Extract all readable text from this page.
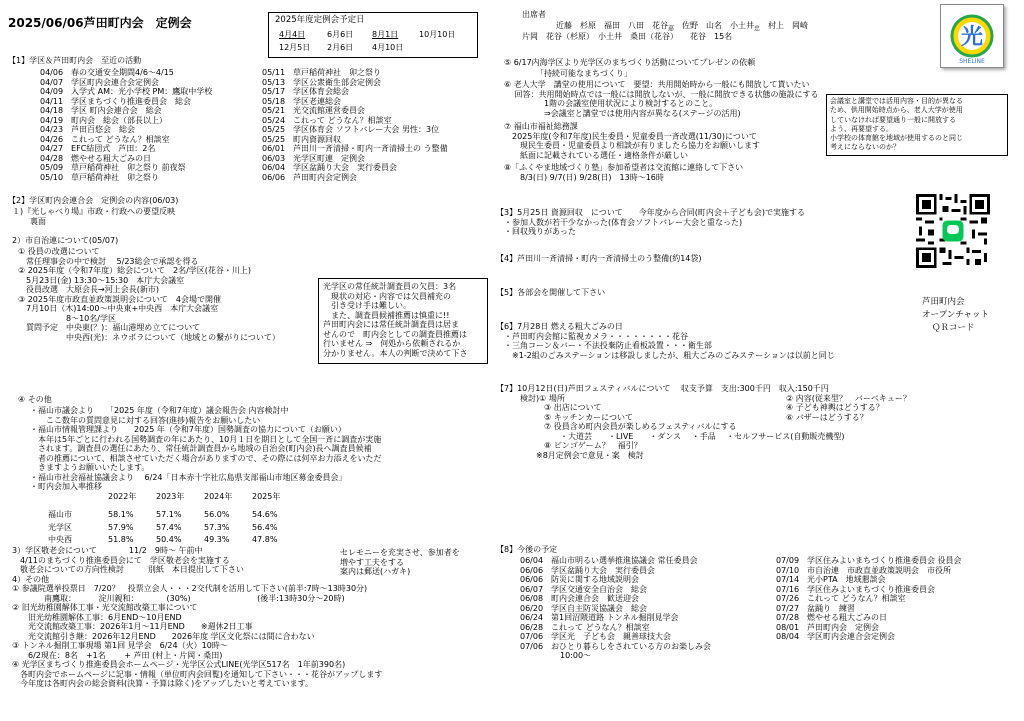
2025/06/06芦田町内会　定例会	2025年度定例会予定日
4月4日	6月6日 8月1日	10月10日
12月5日 2月6日 4月10日
出席者
近藤　杉原　福田　八田　花谷$_嘉$　 佐野　山名　小土井$_忠$　 村上　岡崎
片岡　花谷（杉原）　 小土井　桑田（花谷）　　 花谷　15名	光
SHELINE
【1】学区＆芦田町内会　至近の活動
04/06　春の交通安全期間4/6～4/15
04/07　学区町内会連合会定例会
04/09　入学式 AM：光小学校 PM：鷹取中学校
04/11　学区まちづくり推進委員会　総会
04/18　学区 町内会連合会　総会
04/19　町内会　総会（部長以上）
04/23　芦田百悠会　総会
04/26　これって どうなん？相談室
04/27　EFC結団式　芦田：2名
04/28　燃やせる粗大ごみの日
05/09　草戸稲荷神社　卯之祭り 前夜祭
05/10　草戸稲荷神社　卯之祭り
05/11　草戸稲荷神社　卯之祭り
05/13　学区公衆衛生部会定例会
05/17　学区体育会総会
05/18　学区老連総会
05/21　光交流館運営委員会
05/24　これって どうなん？相談室
05/25　学区体育会 ソフトバレー大会 男性：3位
05/25　町内資源回収
06/01　芦田川一斉清掃・町内一斉清掃土の う整備
06/03　光学区町連　定例会
06/04　学区盆踊り大会　実行委員会
06/06　芦田町内会定例会
【2】学区町内会連合会　定例会の内容(06/03)
１)『光しゃべり場』市政・行政への要望反映
裏面
2）市自治連について(05/07)
① 役員の改選について
　常任理事会の中で検討　 5/23総会で承認を得る
② 2025年度（令和7年度）総会について　2名/学区(花谷・川上)
　5月23日(金) 13:30～15:30　本庁大会議室
　役員改選　大原会長→河上会長(新市)
③ 2025年度市政直並政策説明会について　4会場で開催
　7月10日（木)14:00～中央東+中央西　本庁大会議室
　　　　　　8～10名/学区
　質問予定　中央東(？)：福山港埋め立てについて
　　　　　　中央西(光)：ネウボラについて（地域との繋がりについて）
④ その他
・福山市議会より　　「2025 年度（令和7年度）議会報告会 内容検討中
　　ここ数年の質問意見に対する回答(進捗)報告をお願いしたい
・福山市情報管理課より　　2025 年（令和7年度）国勢調査の協力について（お願い）
　本年は5年ごとに行われる国勢調査の年にあたり、10月１日を期日として全国一斉に調査が実施
　されます。調査員の選任にあたり、常任統計調査員から地域の自治会(町内会)長へ調査員候補
　者の推薦について、相談させていただく場合がありますので、その際には何卒お力添えをいただ
　きますようお願いいたします。
・福山市社会福祉協議会より　 6/24「日本赤十字社広島県支部福山市地区募金委員会」
・町内会加入率推移
2022年	2023年	2024年	2025年
福山市	58.1%	57.1%	56.0%	54.6%
光学区	57.9%	57.4%	57.3%	56.4%
中央西	51.8%	50.4%	49.3%	47.8%
3）学区敬老会について　　　　11/2　9時～ 午前中
　4/11のまちづくり推進委員会にて　学区敬老会を実施する
　敬老会についての方向性検討　　　別紙　本日提出して下さい
4）その他
① 参議院選挙投票日　7/20？　投票立会人・・・2交代制を活用して下さい(前半:7時～13時30分)
　　　　南鷹取：　　　 淀川親和：　　　　(30%)　　　　　　　　 (後半:13時30分～20時)
② 旧光幼稚園解体工事・光交流館改築工事について
　　旧光幼稚園解体工事：6月END～10月END
　　光交流館改築工事：2026年1月～11月END　　※週休2日工事
　　光交流館引き継：2026年12月END　　2026年度 学区文化祭には間に合わない
③ トンネル掘削工事現場 第1回 見学会　6/24（火）10時～
　　6/2現在：8名　+1名　　 + 芦田 (村上・片岡・桑田)
④ 光学区まちづくり推進委員会ホームページ・光学区公式LINE(光学区517名　1年前390名)
　各町内会でホームページに記事・情報（単位町内会回覧)を通知して下さい・・・花谷がアップします
　今年度は各町内会の総会資料(決算・予算は除く)をアップしたいと考えています。
セレモニーを充実させ、参加者を
増やす工夫をする
案内は郵送(ハガキ)
光学区の常任統計調査員の欠員：3名
　現状の対応・内容では欠員補充の
　引き受け手は難しい。
　また、調査員候補推薦は慎重に!!
芦田町内会には常任統計調査員は居ま
せんので　町内会としての調査員推薦は
行いません ⇒　何処から依頼されるか
分かりません。本人の判断で決めて下さ
⑤ 6/17内海学区より光学区のまちづくり活動についてプレゼンの依頼
「持続可能なまちづくり」
⑥ 老人大学　講堂の使用について　要望：共用開始時から一般にも開放して貰いたい
　 回答：共用開始時点では一般には開放しないが、一般に開放できる状態の施設にする
　　　　　1階の会議室使用状況により検討するとのこと。
　　　　　⇒会議室と講堂では使用内容が異なる(ステージの活用)
⑦ 福山市福祉総務課
　2025年度(令和7年度)民生委員・児童委員一斉改選(11/30)について
　　現民生委員・児童委員より相談が有りましたら協力をお願いします
　　紙面に記載されている選任・適格条件が厳しい
⑧「ふくやま地域づくり塾」参加希望者は交流館に連絡して下さい
　　8/3(日) 9/7(日) 9/28(日)　13時～16時
会議室と講堂では活用内容・目的が異なる
ため、供用開始時点から、老人大学が使用
していなければ要望通り一般に開放する
よう、再要望する。
小学校の体育館を地域が使用するのと同じ
考えにならないのか？
【3】5月25日 資源回収　について　　今年度から合同(町内会＋子ども会)で実施する
　・参加人数が若干少なかった(体育会ソフトバレー大会と重なった)
　・回収残りがあった
【4】芦田川一斉清掃・町内一斉清掃土のう整備(約14袋)
【5】各部会を開催して下さい
【6】7月28日 燃える粗大ごみの日
　・芦田町内会館に監視カメラ・・・・・・・・花谷
　・三角コーン＆バー・不法投棄防止看板設置・・・衛生部
　　※1-2組のごみステーションは移設しましたが、粗大ごみのごみステーションは以前と同じ
【7】10月12日(日)芦田フェスティバルについて　 収支予算　支出:300千円　収入:150千円
　　　検討)① 場所
　　　　　　③ 出店について
　　　　　　⑤ キッチンカーについて
　　　　　　⑦ 役員含め町内会員が楽しめるフェスティバルにする
　　　　　　　　・大道芸　　・LIVE　　・ダンス　 ・手品　 ・セルフサービス(自動販売機型)
　　　　　　⑧ ビンゴゲーム？　福引？
　　　　　※8月定例会で意見・案　検討
② 内容(従来型？　バーベキュー？
④ 子ども神輿はどうする？
⑥ バザーはどうする？
芦田町内会
オープンチャット
ＱＲコード
【8】今後の予定
06/04　福山市明るい選挙推進協議会 常任委員会
06/06　学区盆踊り大会　実行委員会
06/06　防災に関する地域説明会
06/07　学区交通安全自治会　総会
06/08　町内会連合会　歓送迎会
06/20　学区自主防災協議会　総会
06/24　第1回沼隈道路 トンネル掘削見学会
06/28　これって どうなん？相談室
07/06　学区光　子ども会　親善球技大会
07/06　おひとり暮らしをされている方のお楽しみ会
　　　　　10:00～
07/09　学区住みよいまちづくり推進委員会 役員会
07/10　市自治連　市政直並政策説明会　市役所
07/14　光小PTA　地域懇談会
07/16　学区住みよいまちづくり推進委員会
07/26　これって どうなん？相談室
07/27　盆踊り　練習
07/28　燃やせる粗大ごみの日
08/01　芦田町内会　定例会
08/04　学区町内会連合会定例会
